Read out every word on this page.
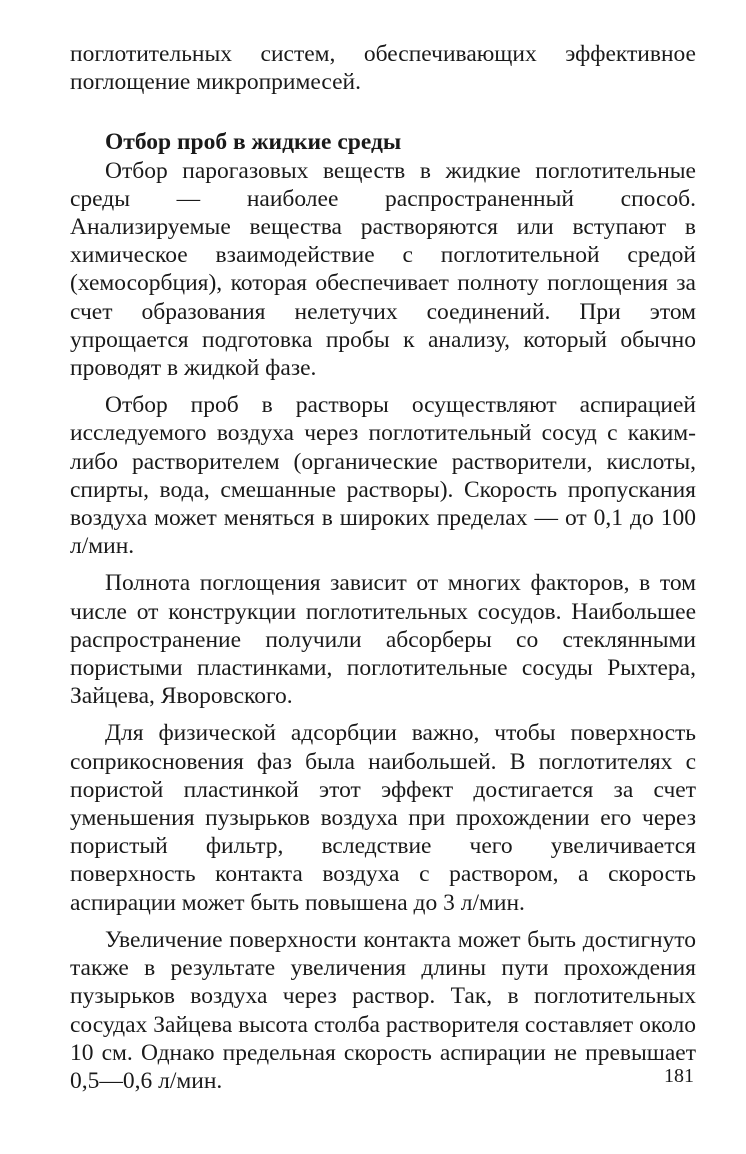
поглотительных систем, обеспечивающих эффективное поглощение микропримесей.

Отбор проб в жидкие среды

Отбор парогазовых веществ в жидкие поглотительные среды — наиболее распространенный способ. Анализируемые вещества растворяются или вступают в химическое взаимодействие с поглотительной средой (хемосорбция), которая обеспечивает полноту поглощения за счет образования нелетучих соединений. При этом упрощается подготовка пробы к анализу, который обычно проводят в жидкой фазе.

Отбор проб в растворы осуществляют аспирацией исследуемого воздуха через поглотительный сосуд с каким-либо растворителем (органические растворители, кислоты, спирты, вода, смешанные растворы). Скорость пропускания воздуха может меняться в широких пределах — от 0,1 до 100 л/мин.

Полнота поглощения зависит от многих факторов, в том числе от конструкции поглотительных сосудов. Наибольшее распространение получили абсорберы со стеклянными пористыми пластинками, поглотительные сосуды Рыхтера, Зайцева, Яворовского.

Для физической адсорбции важно, чтобы поверхность соприкосновения фаз была наибольшей. В поглотителях с пористой пластинкой этот эффект достигается за счет уменьшения пузырьков воздуха при прохождении его через пористый фильтр, вследствие чего увеличивается поверхность контакта воздуха с раствором, а скорость аспирации может быть повышена до 3 л/мин.

Увеличение поверхности контакта может быть достигнуто также в результате увеличения длины пути прохождения пузырьков воздуха через раствор. Так, в поглотительных сосудах Зайцева высота столба растворителя составляет около 10 см. Однако предельная скорость аспирации не превышает 0,5—0,6 л/мин.	181
